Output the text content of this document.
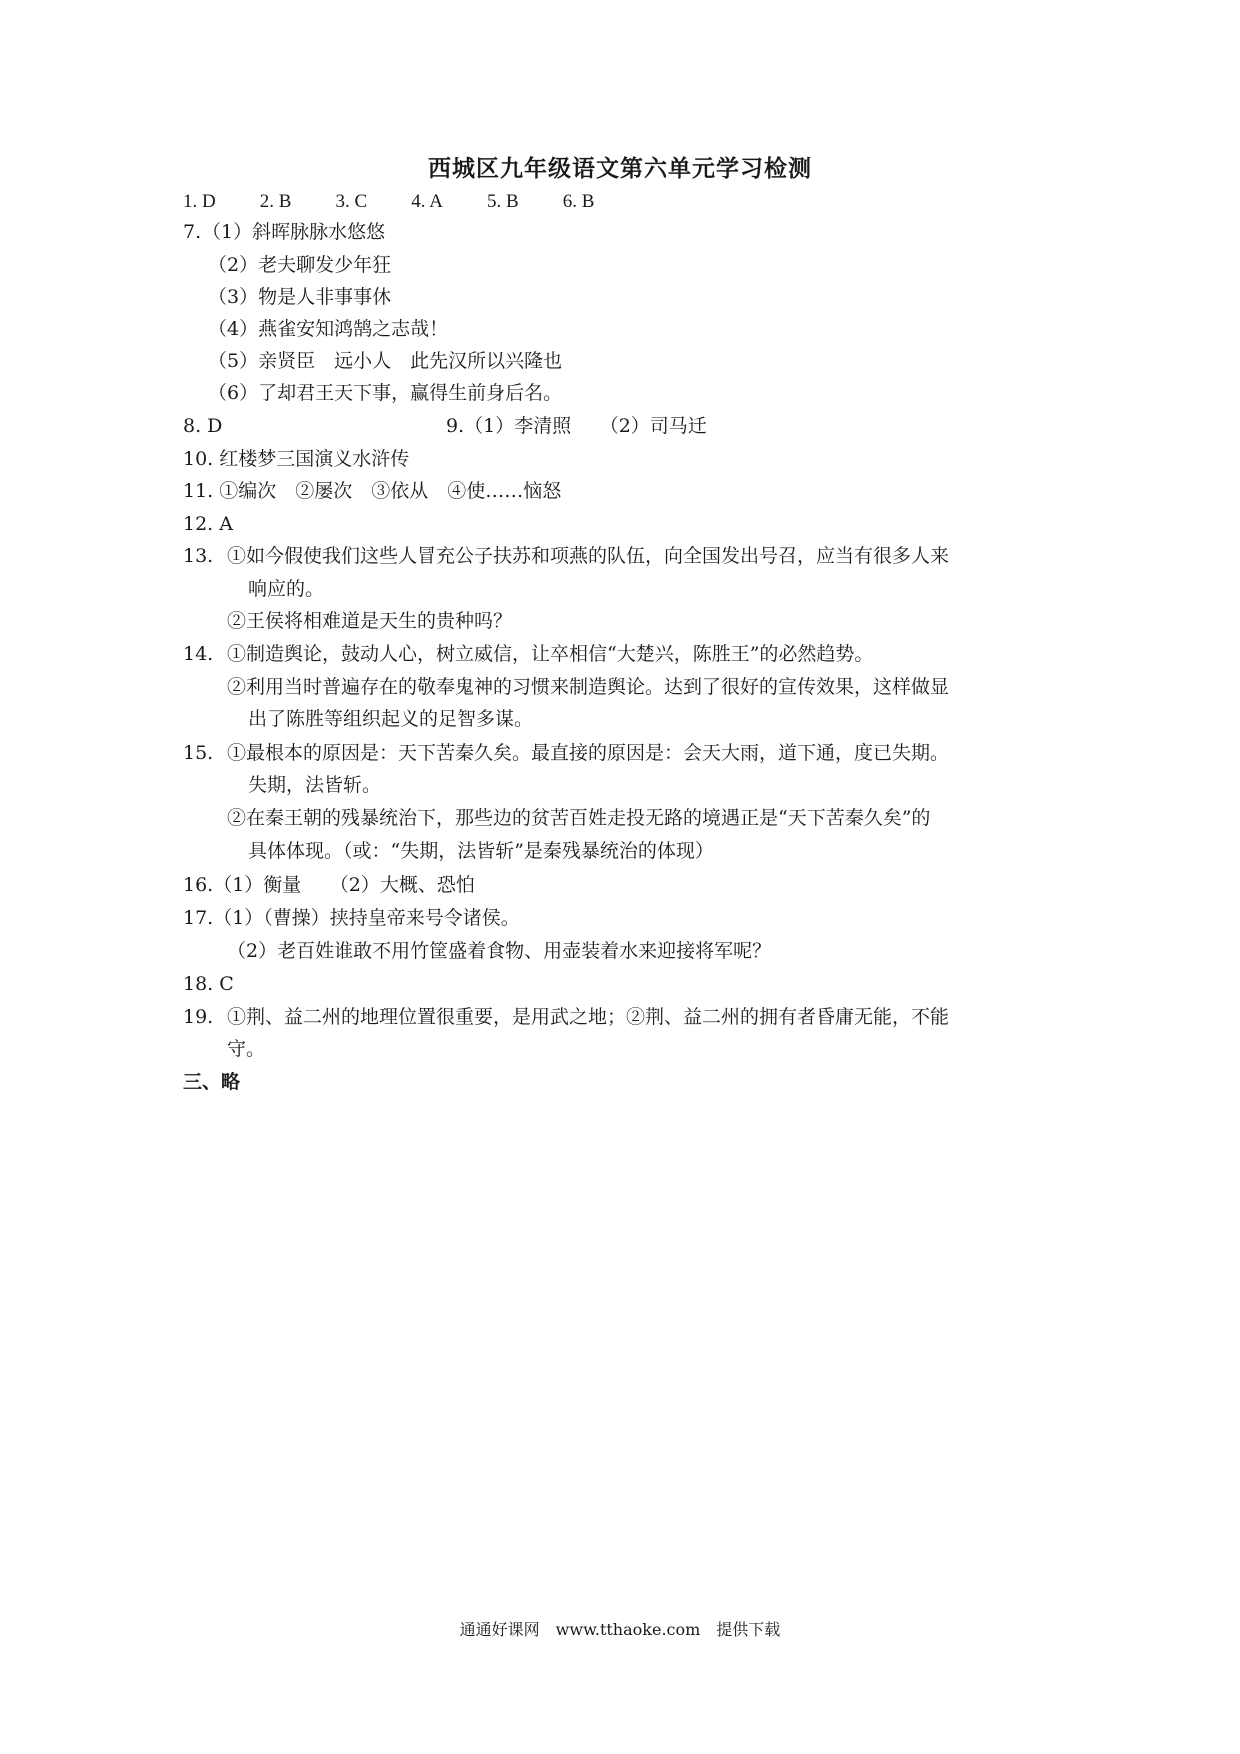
西城区九年级语文第六单元学习检测
1. D 2. B 3. C 4. A 5. B 6. B
7. （1）斜晖脉脉水悠悠
（2）老夫聊发少年狂
（3）物是人非事事休
（4）燕雀安知鸿鹄之志哉！
（5）亲贤臣　远小人　此先汉所以兴隆也
（6）了却君王天下事，赢得生前身后名。
8. D	9.（1）李清照　　（2）司马迁
10. 红楼梦三国演义水浒传
11. ①编次　②屡次　③依从　④使……恼怒
12. A
13. ①如今假使我们这些人冒充公子扶苏和项燕的队伍，向全国发出号召，应当有很多人来
响应的。
②王侯将相难道是天生的贵种吗？
14. ①制造舆论，鼓动人心，树立威信，让卒相信“大楚兴，陈胜王”的必然趋势。
②利用当时普遍存在的敬奉鬼神的习惯来制造舆论。达到了很好的宣传效果，这样做显
出了陈胜等组织起义的足智多谋。
15. ①最根本的原因是：天下苦秦久矣。最直接的原因是：会天大雨，道下通，度已失期。
失期，法皆斩。
②在秦王朝的残暴统治下，那些边的贫苦百姓走投无路的境遇正是“天下苦秦久矣”的
具体体现。（或：“失期，法皆斩”是秦残暴统治的体现）
16.（1）衡量　　（2）大概、恐怕
17.（1）（曹操）挟持皇帝来号令诸侯。
（2）老百姓谁敢不用竹筐盛着食物、用壶装着水来迎接将军呢？
18. C
19. ①荆、益二州的地理位置很重要，是用武之地；②荆、益二州的拥有者昏庸无能，不能
守。
三、略
通通好课网　www.tthaoke.com　提供下载
